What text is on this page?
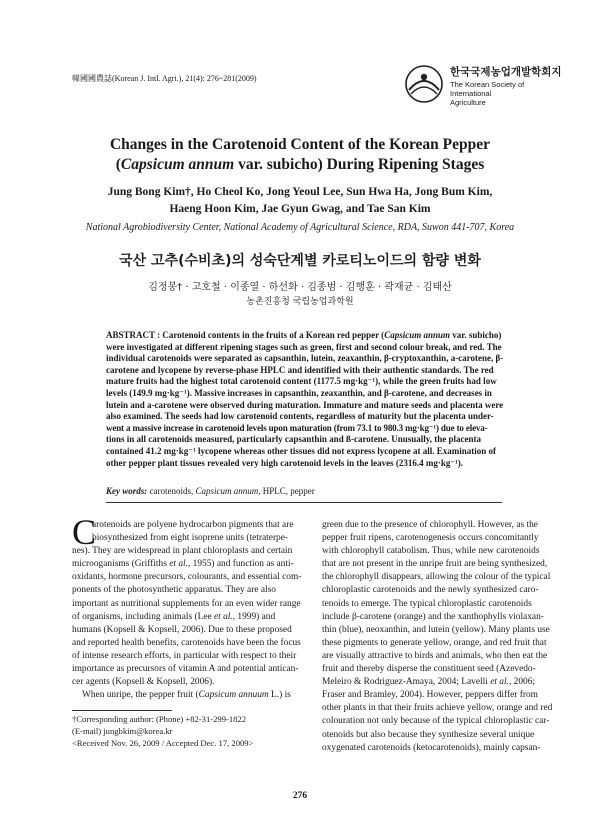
韓國國農誌(Korean J. Intl. Agri.), 21(4): 276~281(2009)
한국국제농업개발학회지
The Korean Society of International
Agriculture
Changes in the Carotenoid Content of the Korean Pepper
(Capsicum annum var. subicho) During Ripening Stages
Jung Bong Kim†, Ho Cheol Ko, Jong Yeoul Lee, Sun Hwa Ha, Jong Bum Kim,
Haeng Hoon Kim, Jae Gyun Gwag, and Tae San Kim
National Agrobiodiversity Center, National Academy of Agricultural Science, RDA, Suwon 441-707, Korea
국산 고추(수비초)의 성숙단계별 카로티노이드의 함량 변화
김정봉† · 고호철 · 이종열 · 하선화 · 김종범 · 김행훈 · 곽재균 · 김태산
농촌진흥청 국립농업과학원
ABSTRACT : Carotenoid contents in the fruits of a Korean red pepper (Capsicum annum var. subicho)
were investigated at different ripening stages such as green, first and second colour break, and red. The
individual carotenoids were separated as capsanthin, lutein, zeaxanthin, β-cryptoxanthin, a-carotene, β-
carotene and lycopene by reverse-phase HPLC and identified with their authentic standards. The red
mature fruits had the highest total carotenoid content (1177.5 mg·kg⁻¹), while the green fruits had low
levels (149.9 mg·kg⁻¹). Massive increases in capsanthin, zeaxanthin, and β-carotene, and decreases in
lutein and a-carotene were observed during maturation. Immature and mature seeds and placenta were
also examined. The seeds had low carotenoid contents, regardless of maturity but the placenta under-
went a massive increase in carotenoid levels upon maturation (from 73.1 to 980.3 mg·kg⁻¹) due to eleva-
tions in all carotenoids measured, particularly capsanthin and ß-carotene. Unusually, the placenta
contained 41.2 mg·kg⁻¹ lycopene whereas other tissues did not express lycopene at all. Examination of
other pepper plant tissues revealed very high carotenoid levels in the leaves (2316.4 mg·kg⁻¹).
Key words: carotenoids, Capsicum annum, HPLC, pepper
C
arotenoids are polyene hydrocarbon pigments that are
biosynthesized from eight isoprene units (tetraterpe-
nes). They are widespread in plant chloroplasts and certain
microoganisms (Griffiths et al., 1955) and function as anti-
oxidants, hormone precursors, colourants, and essential com-
ponents of the photosynthetic apparatus. They are also
important as nutritional supplements for an even wider range
of organisms, including animals (Lee et al., 1999) and
humans (Kopsell & Kopsell, 2006). Due to these proposed
and reported health benefits, carotenoids have been the focus
of intense research efforts, in particular with respect to their
importance as precursors of vitamin A and potential antican-
cer agents (Kopsell & Kopsell, 2006).
When unripe, the pepper fruit (Capsicum annuum L.) is
green due to the presence of chlorophyll. However, as the
pepper fruit ripens, carotenogenesis occurs concomitantly
with chlorophyll catabolism. Thus, while new carotenoids
that are not present in the unripe fruit are being synthesized,
the chlorophyll disappears, allowing the colour of the typical
chloroplastic carotenoids and the newly synthesized caro-
tenoids to emerge. The typical chloroplastic carotenoids
include β-carotene (orange) and the xanthophylls violaxan-
thin (blue), neoxanthin, and lutein (yellow). Many plants use
these pigments to generate yellow, orange, and red fruit that
are visually attractive to birds and animals, who then eat the
fruit and thereby disperse the constituent seed (Azevedo-
Meleiro & Rodriguez-Amaya, 2004; Lavelli et al., 2006;
Fraser and Bramley, 2004). However, peppers differ from
other plants in that their fruits achieve yellow, orange and red
colouration not only because of the typical chloroplastic car-
otenoids but also because they synthesize several unique
oxygenated carotenoids (ketocarotenoids), mainly capsan-
†Corresponding author: (Phone) +82-31-299-1822
(E-mail) jungbkim@korea.kr
<Received Nov. 26, 2009 / Accepted Dec. 17, 2009>
276
